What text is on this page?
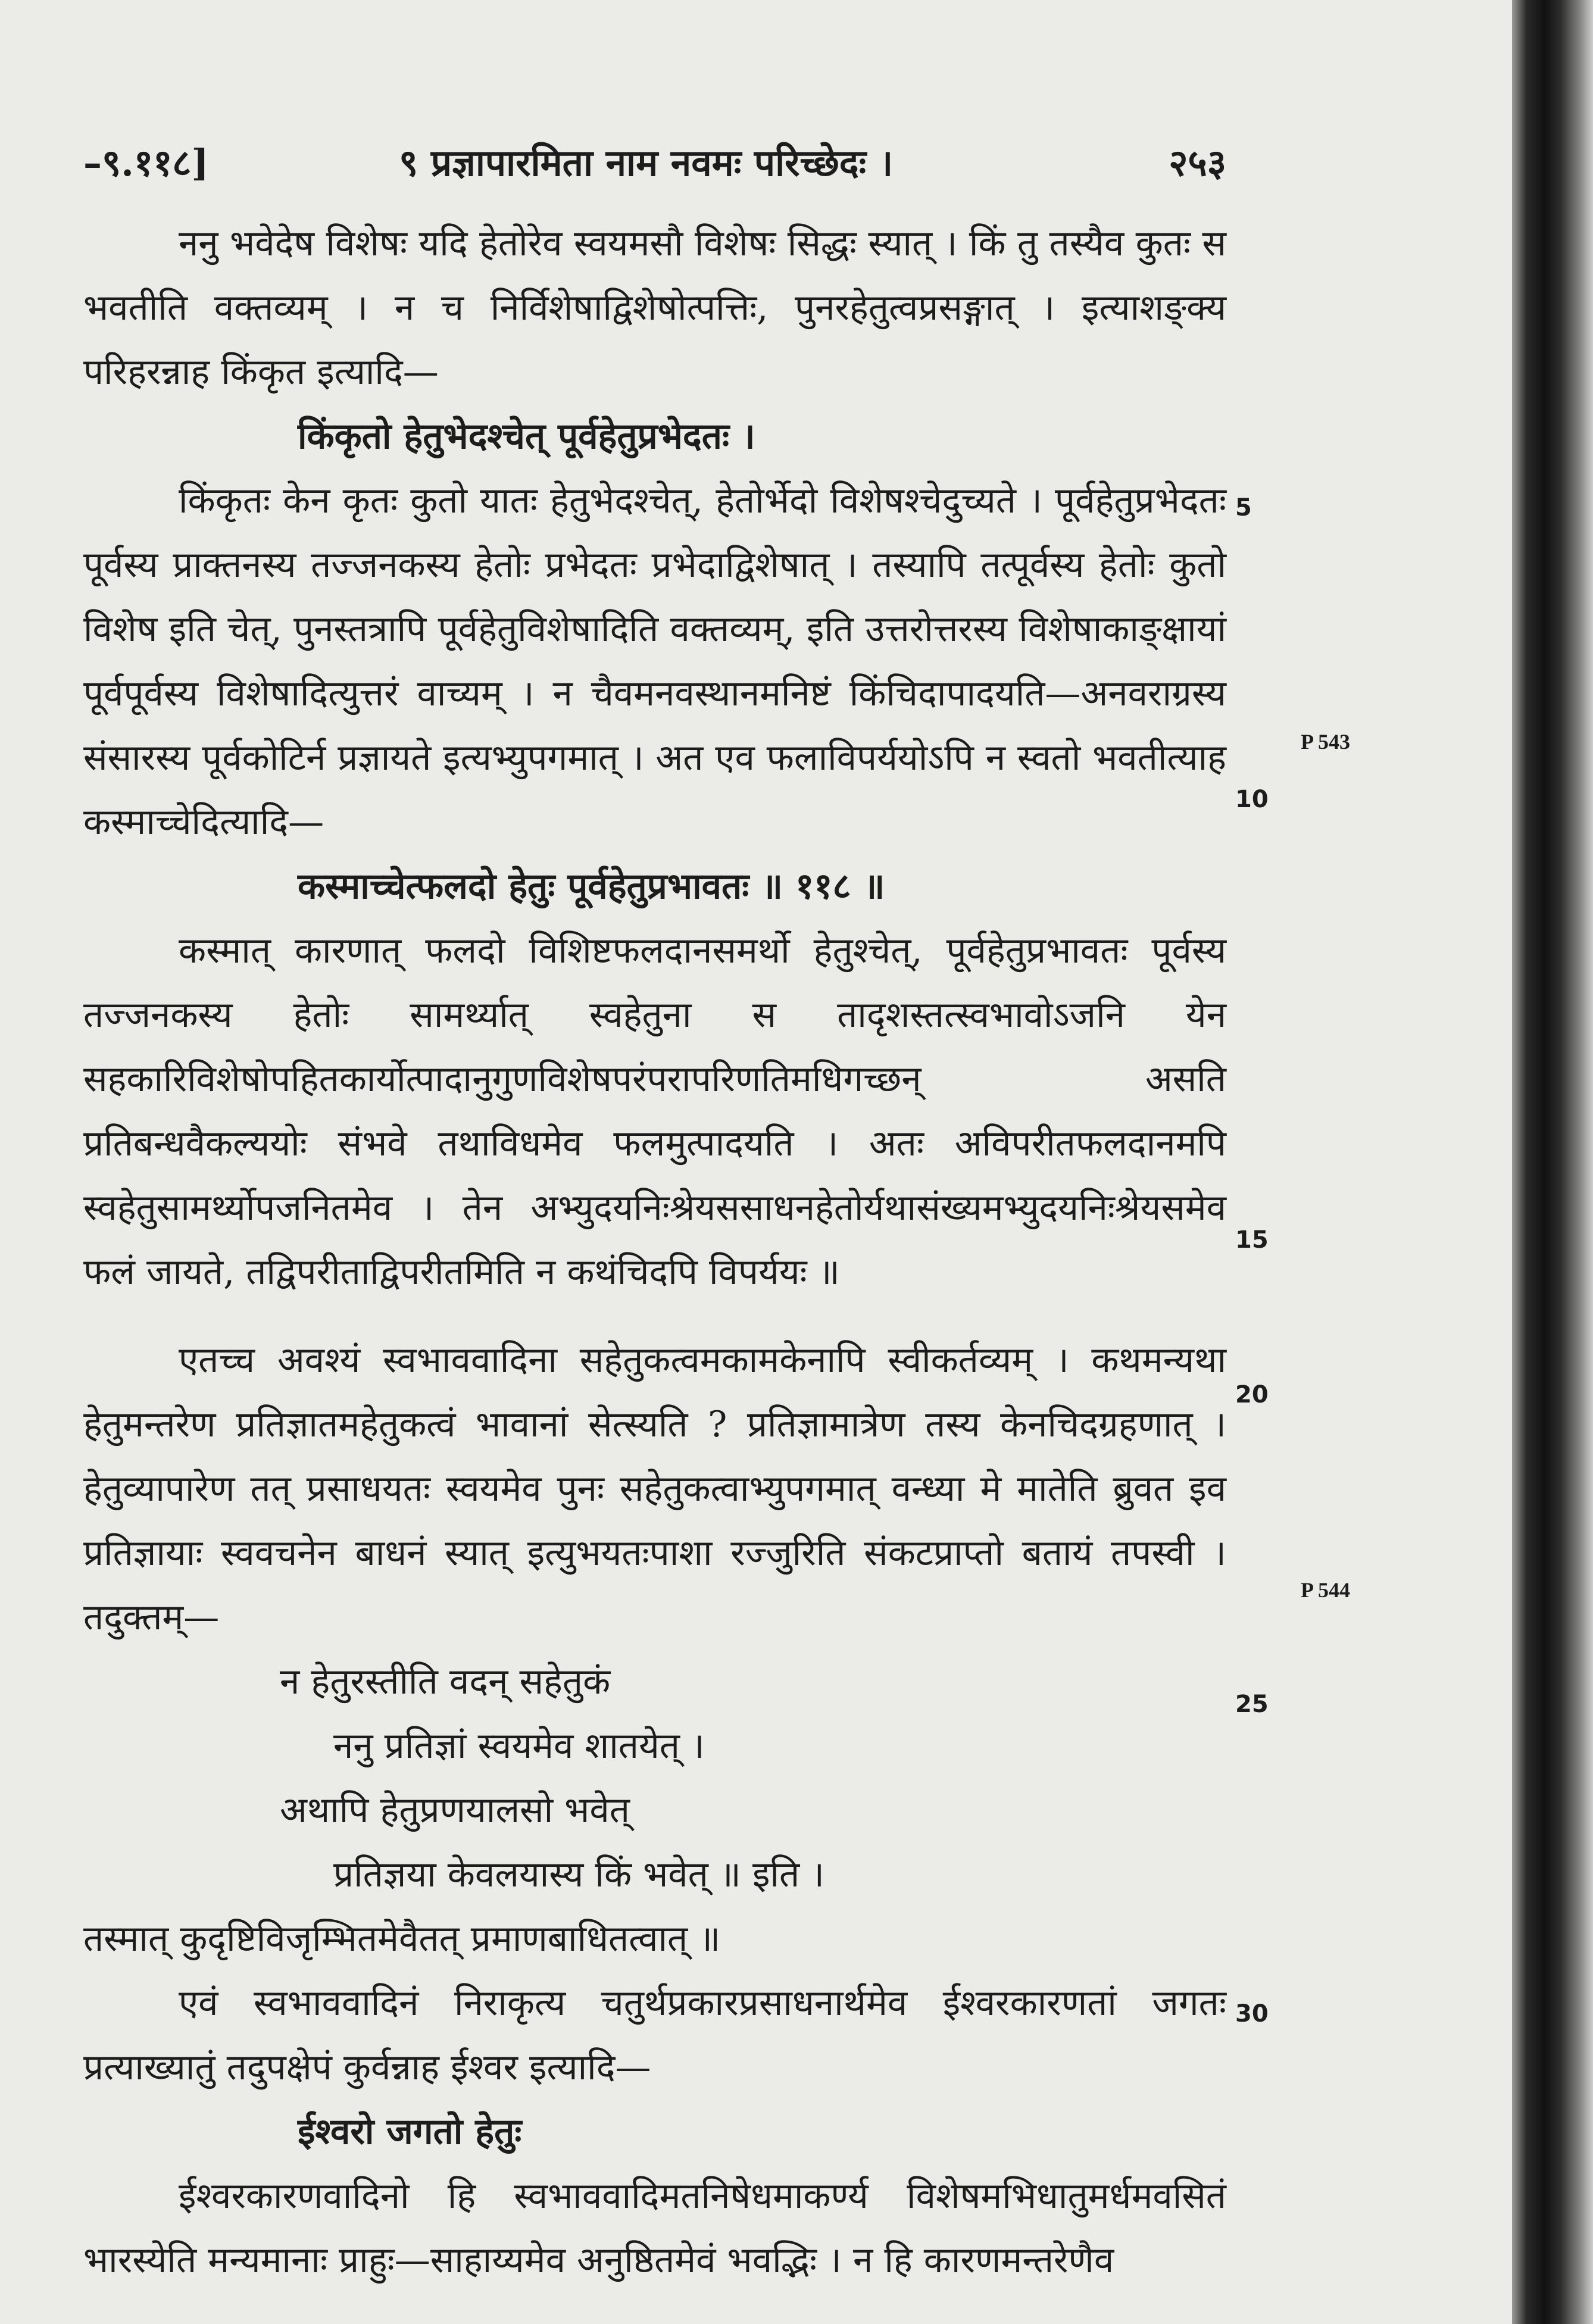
–९.११८]	९ प्रज्ञापारमिता नाम नवमः परिच्छेदः ।	२५३

ननु भवेदेष विशेषः यदि हेतोरेव स्वयमसौ विशेषः सिद्धः स्यात् । किं तु तस्यैव कुतः स भवतीति वक्तव्यम् । न च निर्विशेषाद्विशेषोत्पत्तिः, पुनरहेतुत्वप्रसङ्गात् । इत्याशङ्क्य परिहरन्नाह किंकृत इत्यादि—

किंकृतो हेतुभेदश्चेत् पूर्वहेतुप्रभेदतः ।

किंकृतः केन कृतः कुतो यातः हेतुभेदश्चेत्, हेतोर्भेदो विशेषश्चेदुच्यते । पूर्वहेतुप्रभेदतः पूर्वस्य प्राक्तनस्य तज्जनकस्य हेतोः प्रभेदतः प्रभेदाद्विशेषात् । तस्यापि तत्पूर्वस्य हेतोः कुतो विशेष इति चेत्, पुनस्तत्रापि पूर्वहेतुविशेषादिति वक्तव्यम्, इति उत्तरोत्तरस्य विशेषाकाङ्क्षायां पूर्वपूर्वस्य विशेषादित्युत्तरं वाच्यम् । न चैवमनवस्थानमनिष्टं किंचिदापादयति—अनवराग्रस्य संसारस्य पूर्वकोटिर्न प्रज्ञायते इत्यभ्युपगमात् । अत एव फलाविपर्ययोऽपि न स्वतो भवतीत्याह कस्माच्चेदित्यादि—

कस्माच्चेत्फलदो हेतुः पूर्वहेतुप्रभावतः ॥ ११८ ॥

कस्मात् कारणात् फलदो विशिष्टफलदानसमर्थो हेतुश्चेत्, पूर्वहेतुप्रभावतः पूर्वस्य तज्जनकस्य हेतोः सामर्थ्यात् स्वहेतुना स तादृशस्तत्स्वभावोऽजनि येन सहकारिविशेषोपहितकार्योत्पादानुगुणविशेषपरंपरापरिणतिमधिगच्छन् असति प्रतिबन्धवैकल्ययोः संभवे तथाविधमेव फलमुत्पादयति । अतः अविपरीतफलदानमपि स्वहेतुसामर्थ्योपजनितमेव । तेन अभ्युदयनिःश्रेयससाधनहेतोर्यथासंख्यमभ्युदयनिःश्रेयसमेव फलं जायते, तद्विपरीताद्विपरीतमिति न कथंचिदपि विपर्ययः ॥

एतच्च अवश्यं स्वभाववादिना सहेतुकत्वमकामकेनापि स्वीकर्तव्यम् । कथमन्यथा हेतुमन्तरेण प्रतिज्ञातमहेतुकत्वं भावानां सेत्स्यति ? प्रतिज्ञामात्रेण तस्य केनचिदग्रहणात् । हेतुव्यापारेण तत् प्रसाधयतः स्वयमेव पुनः सहेतुकत्वाभ्युपगमात् वन्ध्या मे मातेति ब्रुवत इव प्रतिज्ञायाः स्ववचनेन बाधनं स्यात् इत्युभयतःपाशा रज्जुरिति संकटप्राप्तो बतायं तपस्वी । तदुक्तम्—

न हेतुरस्तीति वदन् सहेतुकं

ननु प्रतिज्ञां स्वयमेव शातयेत् ।

अथापि हेतुप्रणयालसो भवेत्

प्रतिज्ञया केवलयास्य किं भवेत् ॥ इति ।

तस्मात् कुदृष्टिविजृम्भितमेवैतत् प्रमाणबाधितत्वात् ॥

एवं स्वभाववादिनं निराकृत्य चतुर्थप्रकारप्रसाधनार्थमेव ईश्वरकारणतां जगतः प्रत्याख्यातुं तदुपक्षेपं कुर्वन्नाह ईश्वर इत्यादि—

ईश्वरो जगतो हेतुः

ईश्वरकारणवादिनो हि स्वभाववादिमतनिषेधमाकर्ण्य विशेषमभिधातुमर्धमवसितं भारस्येति मन्यमानाः प्राहुः—साहाय्यमेव अनुष्ठितमेवं भवद्भिः । न हि कारणमन्तरेणैव

5
10
15
20
25
30
P 543
P 544
